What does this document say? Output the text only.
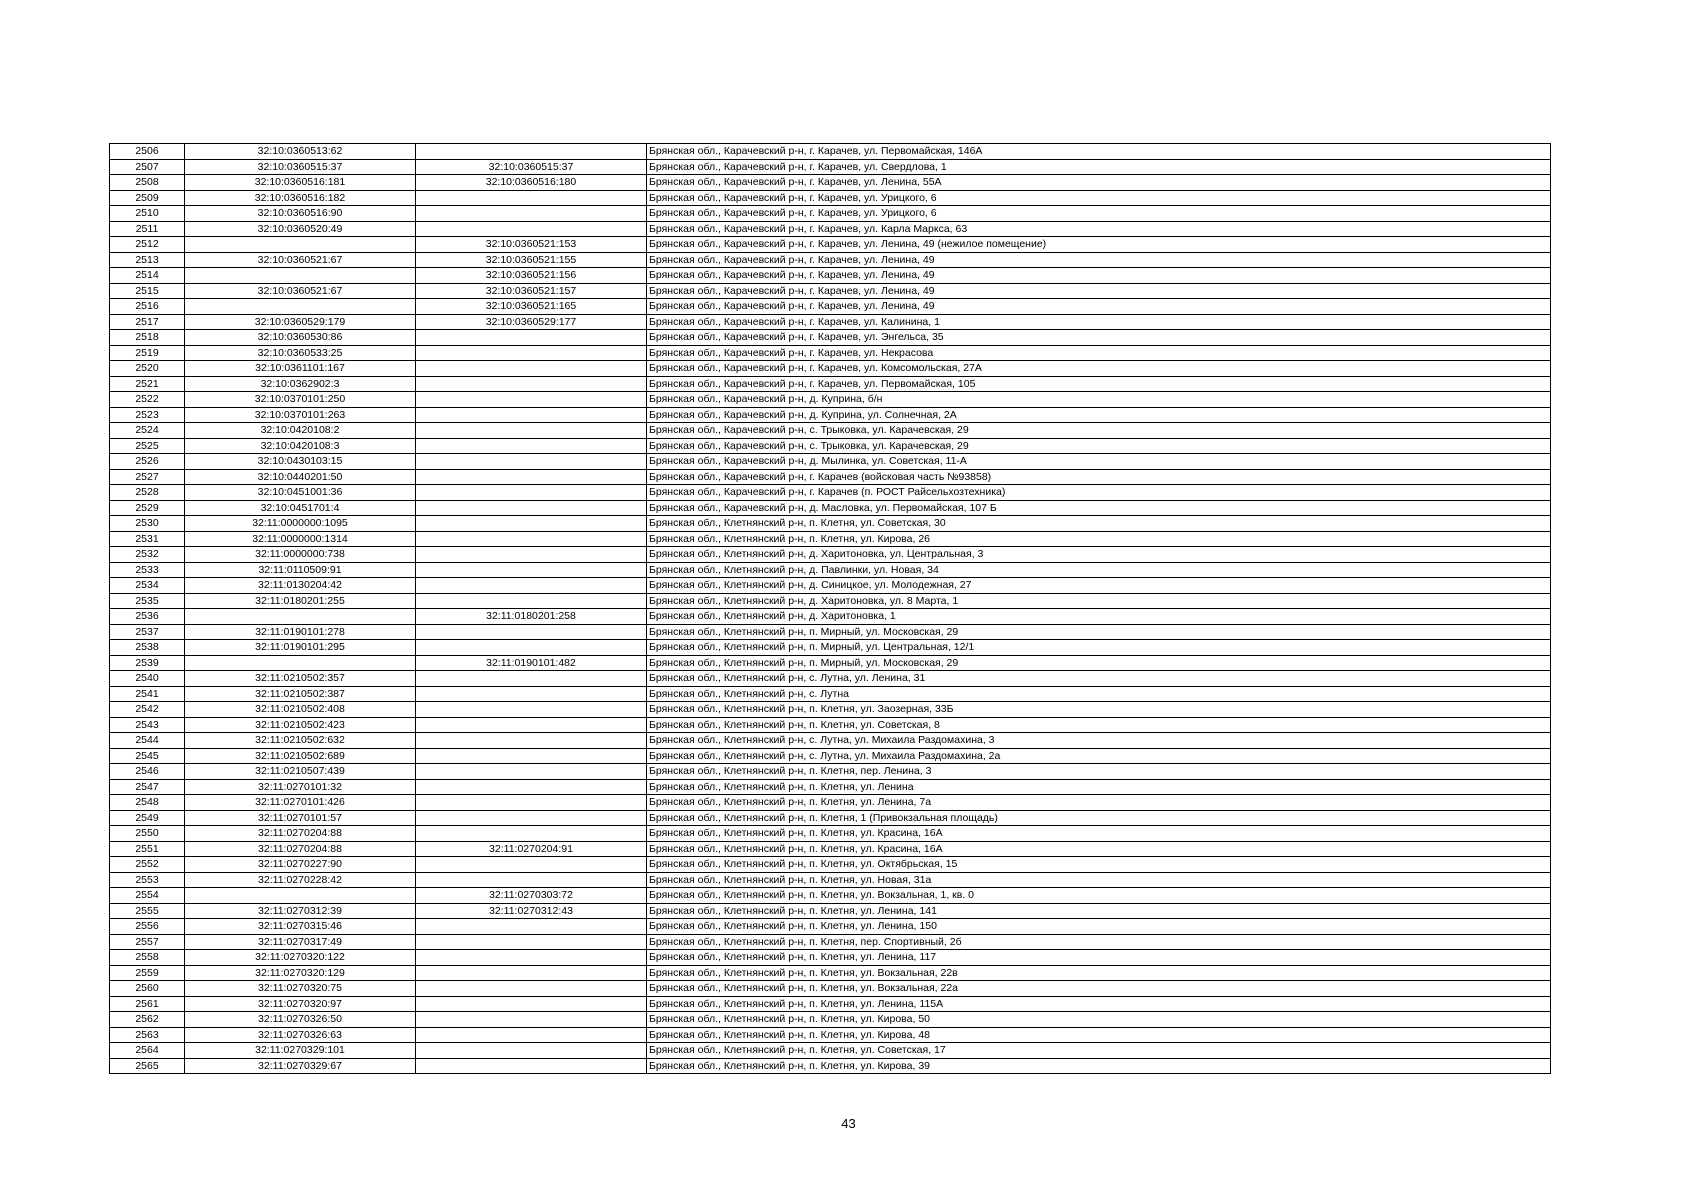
2506	32:10:0360513:62		Брянская обл., Карачевский р-н, г. Карачев, ул. Первомайская, 146А
2507	32:10:0360515:37	32:10:0360515:37	Брянская обл., Карачевский р-н, г. Карачев, ул. Свердлова, 1
2508	32:10:0360516:181	32:10:0360516:180	Брянская обл., Карачевский р-н, г. Карачев, ул. Ленина, 55А
2509	32:10:0360516:182		Брянская обл., Карачевский р-н, г. Карачев, ул. Урицкого, 6
2510	32:10:0360516:90		Брянская обл., Карачевский р-н, г. Карачев, ул. Урицкого, 6
2511	32:10:0360520:49		Брянская обл., Карачевский р-н, г. Карачев, ул. Карла Маркса, 63
2512		32:10:0360521:153	Брянская обл., Карачевский р-н, г. Карачев, ул. Ленина, 49 (нежилое помещение)
2513	32:10:0360521:67	32:10:0360521:155	Брянская обл., Карачевский р-н, г. Карачев, ул. Ленина, 49
2514		32:10:0360521:156	Брянская обл., Карачевский р-н, г. Карачев, ул. Ленина, 49
2515	32:10:0360521:67	32:10:0360521:157	Брянская обл., Карачевский р-н, г. Карачев, ул. Ленина, 49
2516		32:10:0360521:165	Брянская обл., Карачевский р-н, г. Карачев, ул. Ленина, 49
2517	32:10:0360529:179	32:10:0360529:177	Брянская обл., Карачевский р-н, г. Карачев, ул. Калинина, 1
2518	32:10:0360530:86		Брянская обл., Карачевский р-н, г. Карачев, ул. Энгельса, 35
2519	32:10:0360533:25		Брянская обл., Карачевский р-н, г. Карачев, ул. Некрасова
2520	32:10:0361101:167		Брянская обл., Карачевский р-н, г. Карачев, ул. Комсомольская, 27А
2521	32:10:0362902:3		Брянская обл., Карачевский р-н, г. Карачев, ул. Первомайская, 105
2522	32:10:0370101:250		Брянская обл., Карачевский р-н, д. Куприна, б/н
2523	32:10:0370101:263		Брянская обл., Карачевский р-н, д. Куприна, ул. Солнечная, 2А
2524	32:10:0420108:2		Брянская обл., Карачевский р-н, с. Трыковка, ул. Карачевская, 29
2525	32:10:0420108:3		Брянская обл., Карачевский р-н, с. Трыковка, ул. Карачевская, 29
2526	32:10:0430103:15		Брянская обл., Карачевский р-н, д. Мылинка, ул. Советская, 11-А
2527	32:10:0440201:50		Брянская обл., Карачевский р-н, г. Карачев (войсковая часть №93858)
2528	32:10:0451001:36		Брянская обл., Карачевский р-н, г. Карачев (п. РОСТ Райсельхозтехника)
2529	32:10:0451701:4		Брянская обл., Карачевский р-н, д. Масловка, ул. Первомайская, 107 Б
2530	32:11:0000000:1095		Брянская обл., Клетнянский р-н, п. Клетня, ул. Советская, 30
2531	32:11:0000000:1314		Брянская обл., Клетнянский р-н, п. Клетня, ул. Кирова, 26
2532	32:11:0000000:738		Брянская обл., Клетнянский р-н, д. Харитоновка, ул. Центральная, 3
2533	32:11:0110509:91		Брянская обл., Клетнянский р-н, д. Павлинки, ул. Новая, 34
2534	32:11:0130204:42		Брянская обл., Клетнянский р-н, д. Синицкое, ул. Молодежная, 27
2535	32:11:0180201:255		Брянская обл., Клетнянский р-н, д. Харитоновка, ул. 8 Марта, 1
2536		32:11:0180201:258	Брянская обл., Клетнянский р-н, д. Харитоновка, 1
2537	32:11:0190101:278		Брянская обл., Клетнянский р-н, п. Мирный, ул. Московская, 29
2538	32:11:0190101:295		Брянская обл., Клетнянский р-н, п. Мирный, ул. Центральная, 12/1
2539		32:11:0190101:482	Брянская обл., Клетнянский р-н, п. Мирный, ул. Московская, 29
2540	32:11:0210502:357		Брянская обл., Клетнянский р-н, с. Лутна, ул. Ленина, 31
2541	32:11:0210502:387		Брянская обл., Клетнянский р-н, с. Лутна
2542	32:11:0210502:408		Брянская обл., Клетнянский р-н, п. Клетня, ул. Заозерная, 33Б
2543	32:11:0210502:423		Брянская обл., Клетнянский р-н, п. Клетня, ул. Советская, 8
2544	32:11:0210502:632		Брянская обл., Клетнянский р-н, с. Лутна, ул. Михаила Раздомахина, 3
2545	32:11:0210502:689		Брянская обл., Клетнянский р-н, с. Лутна, ул. Михаила Раздомахина, 2а
2546	32:11:0210507:439		Брянская обл., Клетнянский р-н, п. Клетня, пер. Ленина, 3
2547	32:11:0270101:32		Брянская обл., Клетнянский р-н, п. Клетня, ул. Ленина
2548	32:11:0270101:426		Брянская обл., Клетнянский р-н, п. Клетня, ул. Ленина, 7а
2549	32:11:0270101:57		Брянская обл., Клетнянский р-н, п. Клетня, 1 (Привокзальная площадь)
2550	32:11:0270204:88		Брянская обл., Клетнянский р-н, п. Клетня, ул. Красина, 16А
2551	32:11:0270204:88	32:11:0270204:91	Брянская обл., Клетнянский р-н, п. Клетня, ул. Красина, 16А
2552	32:11:0270227:90		Брянская обл., Клетнянский р-н, п. Клетня, ул. Октябрьская, 15
2553	32:11:0270228:42		Брянская обл., Клетнянский р-н, п. Клетня, ул. Новая, 31а
2554		32:11:0270303:72	Брянская обл., Клетнянский р-н, п. Клетня, ул. Вокзальная, 1, кв. 0
2555	32:11:0270312:39	32:11:0270312:43	Брянская обл., Клетнянский р-н, п. Клетня, ул. Ленина, 141
2556	32:11:0270315:46		Брянская обл., Клетнянский р-н, п. Клетня, ул. Ленина, 150
2557	32:11:0270317:49		Брянская обл., Клетнянский р-н, п. Клетня, пер. Спортивный, 2б
2558	32:11:0270320:122		Брянская обл., Клетнянский р-н, п. Клетня, ул. Ленина, 117
2559	32:11:0270320:129		Брянская обл., Клетнянский р-н, п. Клетня, ул. Вокзальная, 22в
2560	32:11:0270320:75		Брянская обл., Клетнянский р-н, п. Клетня, ул. Вокзальная, 22а
2561	32:11:0270320:97		Брянская обл., Клетнянский р-н, п. Клетня, ул. Ленина, 115А
2562	32:11:0270326:50		Брянская обл., Клетнянский р-н, п. Клетня, ул. Кирова, 50
2563	32:11:0270326:63		Брянская обл., Клетнянский р-н, п. Клетня, ул. Кирова, 48
2564	32:11:0270329:101		Брянская обл., Клетнянский р-н, п. Клетня, ул. Советская, 17
2565	32:11:0270329:67		Брянская обл., Клетнянский р-н, п. Клетня, ул. Кирова, 39
43
